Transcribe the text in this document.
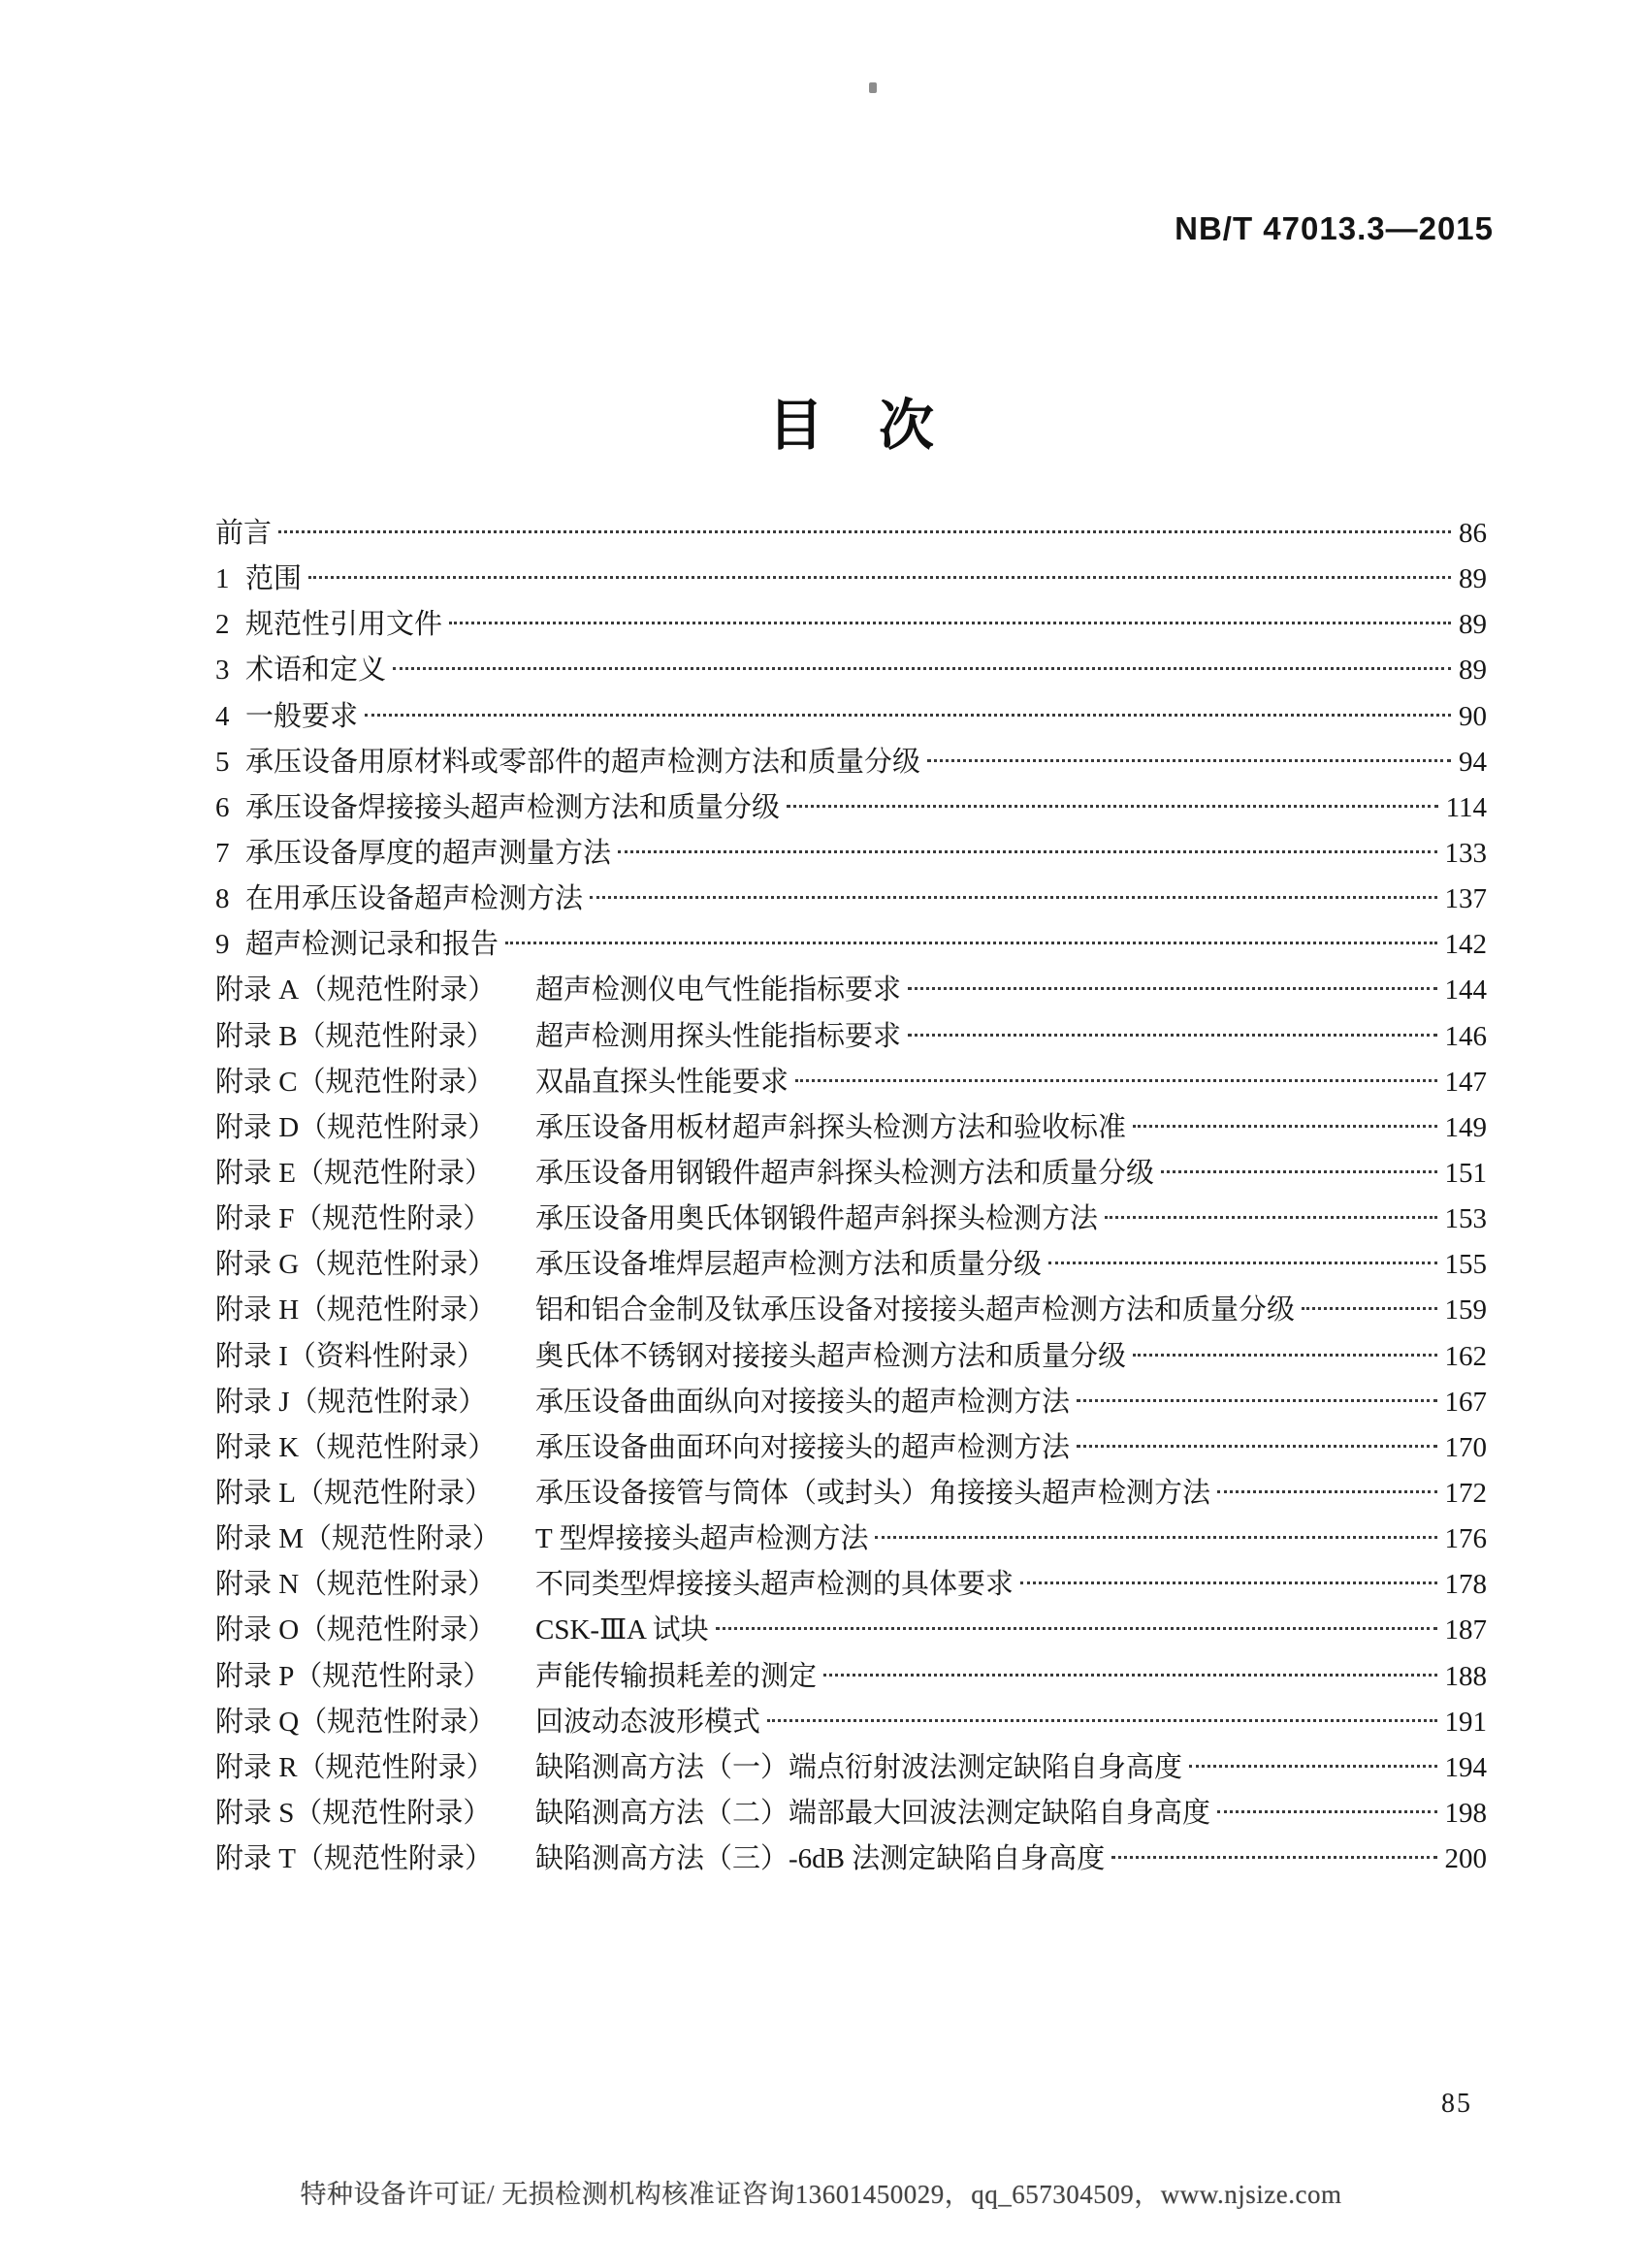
NB/T 47013.3—2015
目　次
前言	86
1 范围	89
2 规范性引用文件	89
3 术语和定义	89
4 一般要求	90
5 承压设备用原材料或零部件的超声检测方法和质量分级	94
6 承压设备焊接接头超声检测方法和质量分级	114
7 承压设备厚度的超声测量方法	133
8 在用承压设备超声检测方法	137
9 超声检测记录和报告	142
附录 A（规范性附录）	超声检测仪电气性能指标要求	144
附录 B（规范性附录）	超声检测用探头性能指标要求	146
附录 C（规范性附录）	双晶直探头性能要求	147
附录 D（规范性附录）	承压设备用板材超声斜探头检测方法和验收标准	149
附录 E（规范性附录）	承压设备用钢锻件超声斜探头检测方法和质量分级	151
附录 F（规范性附录）	承压设备用奥氏体钢锻件超声斜探头检测方法	153
附录 G（规范性附录）	承压设备堆焊层超声检测方法和质量分级	155
附录 H（规范性附录）	铝和铝合金制及钛承压设备对接接头超声检测方法和质量分级	159
附录 I（资料性附录）	奥氏体不锈钢对接接头超声检测方法和质量分级	162
附录 J（规范性附录）	承压设备曲面纵向对接接头的超声检测方法	167
附录 K（规范性附录）	承压设备曲面环向对接接头的超声检测方法	170
附录 L（规范性附录）	承压设备接管与筒体（或封头）角接接头超声检测方法	172
附录 M（规范性附录）	T 型焊接接头超声检测方法	176
附录 N（规范性附录）	不同类型焊接接头超声检测的具体要求	178
附录 O（规范性附录）	CSK-ⅢA 试块	187
附录 P（规范性附录）	声能传输损耗差的测定	188
附录 Q（规范性附录）	回波动态波形模式	191
附录 R（规范性附录）	缺陷测高方法（一）端点衍射波法测定缺陷自身高度	194
附录 S（规范性附录）	缺陷测高方法（二）端部最大回波法测定缺陷自身高度	198
附录 T（规范性附录）	缺陷测高方法（三）-6dB 法测定缺陷自身高度	200
85
特种设备许可证/ 无损检测机构核准证咨询13601450029，qq_657304509，www.njsize.com
